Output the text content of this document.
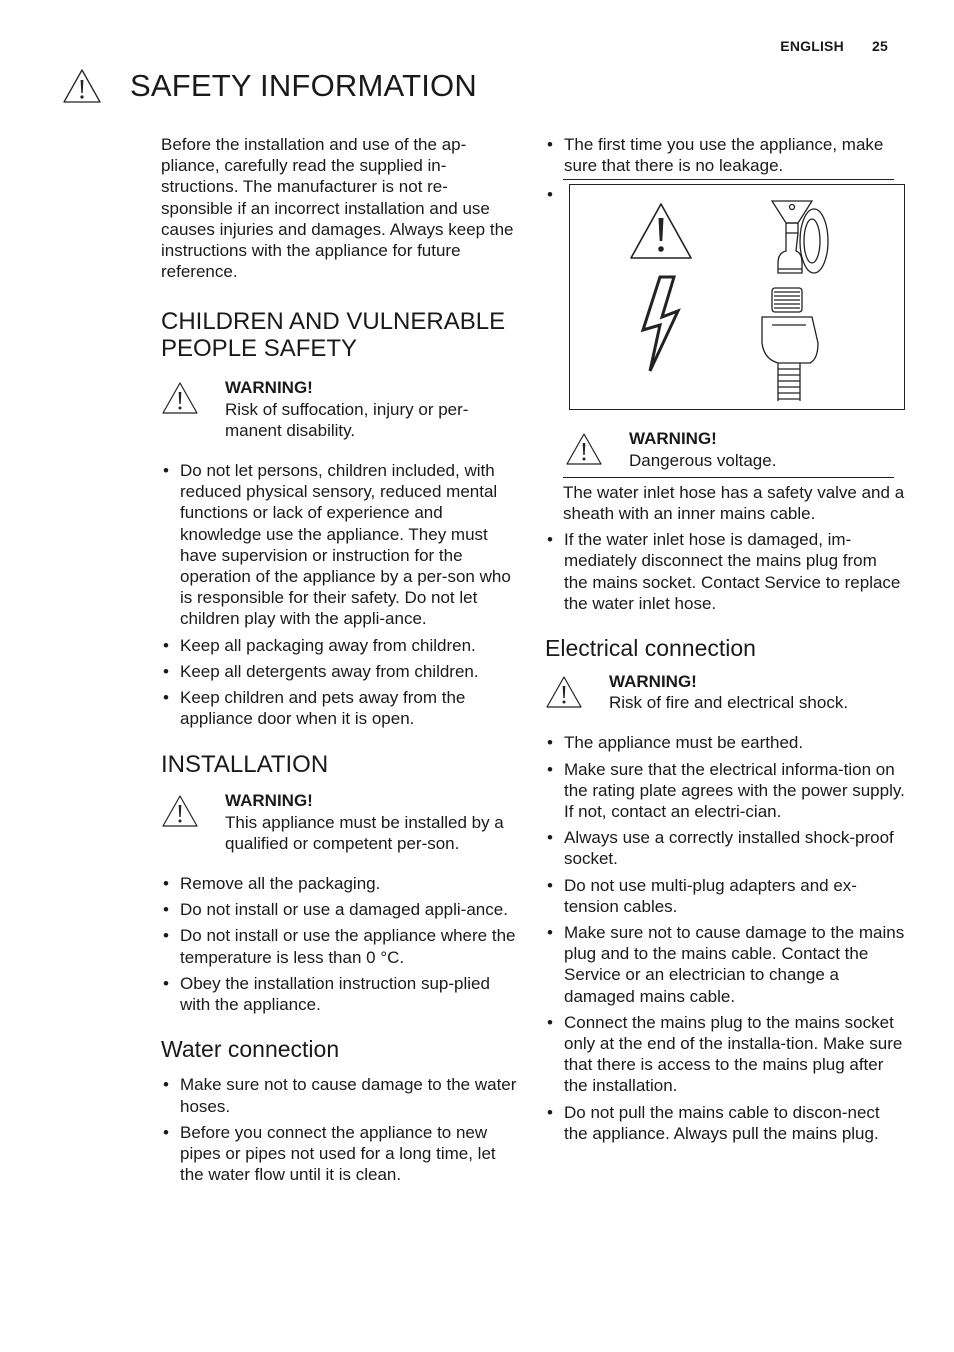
ENGLISH 25
SAFETY INFORMATION

Before the installation and use of the ap-pliance, carefully read the supplied in-structions. The manufacturer is not re-sponsible if an incorrect installation and use causes injuries and damages. Always keep the instructions with the appliance for future reference.

CHILDREN AND VULNERABLE PEOPLE SAFETY
WARNING!
Risk of suffocation, injury or per-manent disability.
• Do not let persons, children included, with reduced physical sensory, reduced mental functions or lack of experience and knowledge use the appliance. They must have supervision or instruction for the operation of the appliance by a per-son who is responsible for their safety. Do not let children play with the appli-ance.
• Keep all packaging away from children.
• Keep all detergents away from children.
• Keep children and pets away from the appliance door when it is open.
INSTALLATION
WARNING!
This appliance must be installed by a qualified or competent per-son.
• Remove all the packaging.
• Do not install or use a damaged appli-ance.
• Do not install or use the appliance where the temperature is less than 0 °C.
• Obey the installation instruction sup-plied with the appliance.
Water connection
• Make sure not to cause damage to the water hoses.
• Before you connect the appliance to new pipes or pipes not used for a long time, let the water flow until it is clean.
• The first time you use the appliance, make sure that there is no leakage.
•
WARNING!
Dangerous voltage.

The water inlet hose has a safety valve and a sheath with an inner mains cable.

• If the water inlet hose is damaged, im-mediately disconnect the mains plug from the mains socket. Contact Service to replace the water inlet hose.
Electrical connection
WARNING!
Risk of fire and electrical shock.
• The appliance must be earthed.
• Make sure that the electrical informa-tion on the rating plate agrees with the power supply. If not, contact an electri-cian.
• Always use a correctly installed shock-proof socket.
• Do not use multi-plug adapters and ex-tension cables.
• Make sure not to cause damage to the mains plug and to the mains cable. Contact the Service or an electrician to change a damaged mains cable.
• Connect the mains plug to the mains socket only at the end of the installa-tion. Make sure that there is access to the mains plug after the installation.
• Do not pull the mains cable to discon-nect the appliance. Always pull the mains plug.
